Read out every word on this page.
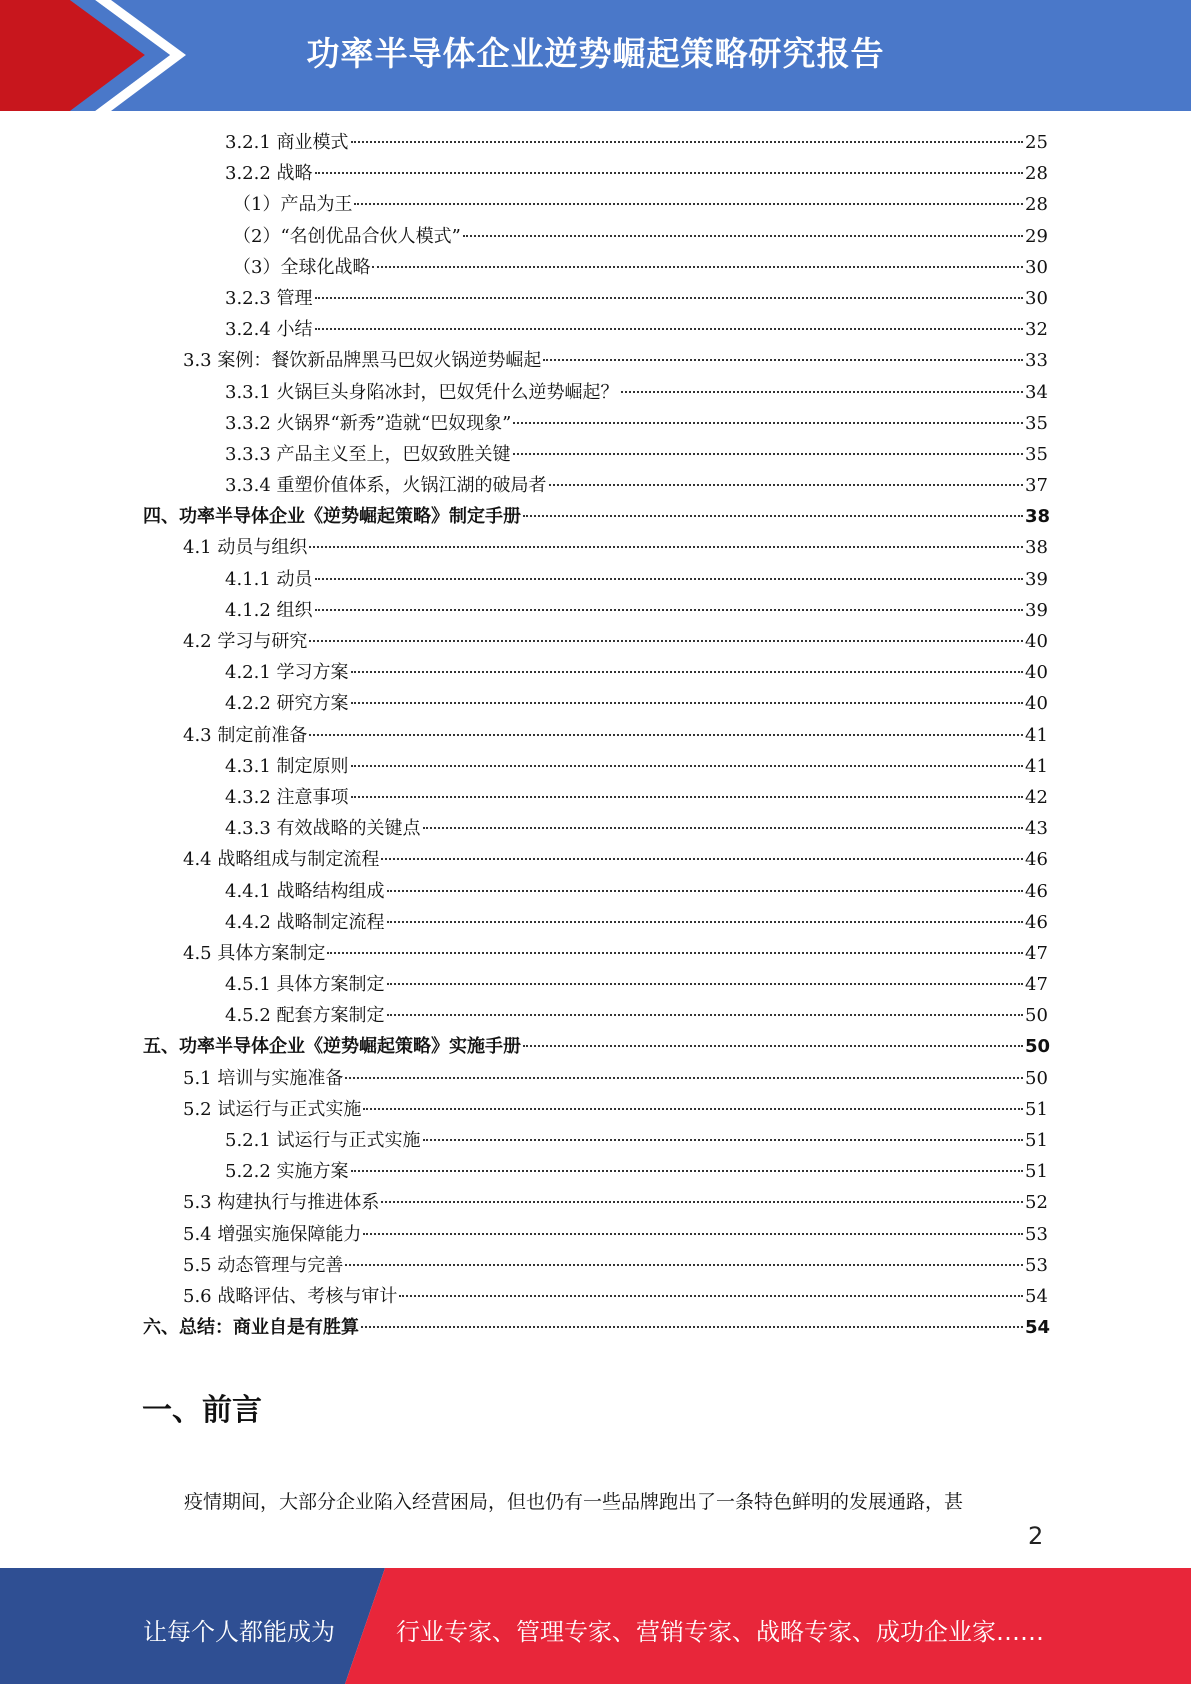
功率半导体企业逆势崛起策略研究报告
3.2.1 商业模式	25
3.2.2 战略	28
（1）产品为王	28
（2）“名创优品合伙人模式”	29
（3）全球化战略	30
3.2.3 管理	30
3.2.4 小结	32
3.3 案例：餐饮新品牌黑马巴奴火锅逆势崛起	33
3.3.1 火锅巨头身陷冰封，巴奴凭什么逆势崛起？	34
3.3.2 火锅界“新秀”造就“巴奴现象”	35
3.3.3 产品主义至上，巴奴致胜关键	35
3.3.4 重塑价值体系，火锅江湖的破局者	37
四、功率半导体企业《逆势崛起策略》制定手册	38
4.1 动员与组织	38
4.1.1 动员	39
4.1.2 组织	39
4.2 学习与研究	40
4.2.1 学习方案	40
4.2.2 研究方案	40
4.3 制定前准备	41
4.3.1 制定原则	41
4.3.2 注意事项	42
4.3.3 有效战略的关键点	43
4.4 战略组成与制定流程	46
4.4.1 战略结构组成	46
4.4.2 战略制定流程	46
4.5 具体方案制定	47
4.5.1 具体方案制定	47
4.5.2 配套方案制定	50
五、功率半导体企业《逆势崛起策略》实施手册	50
5.1 培训与实施准备	50
5.2 试运行与正式实施	51
5.2.1 试运行与正式实施	51
5.2.2 实施方案	51
5.3 构建执行与推进体系	52
5.4 增强实施保障能力	53
5.5 动态管理与完善	53
5.6 战略评估、考核与审计	54
六、总结：商业自是有胜算	54
一、前言
疫情期间，大部分企业陷入经营困局，但也仍有一些品牌跑出了一条特色鲜明的发展通路，甚
2
让每个人都能成为	行业专家、管理专家、营销专家、战略专家、成功企业家……
